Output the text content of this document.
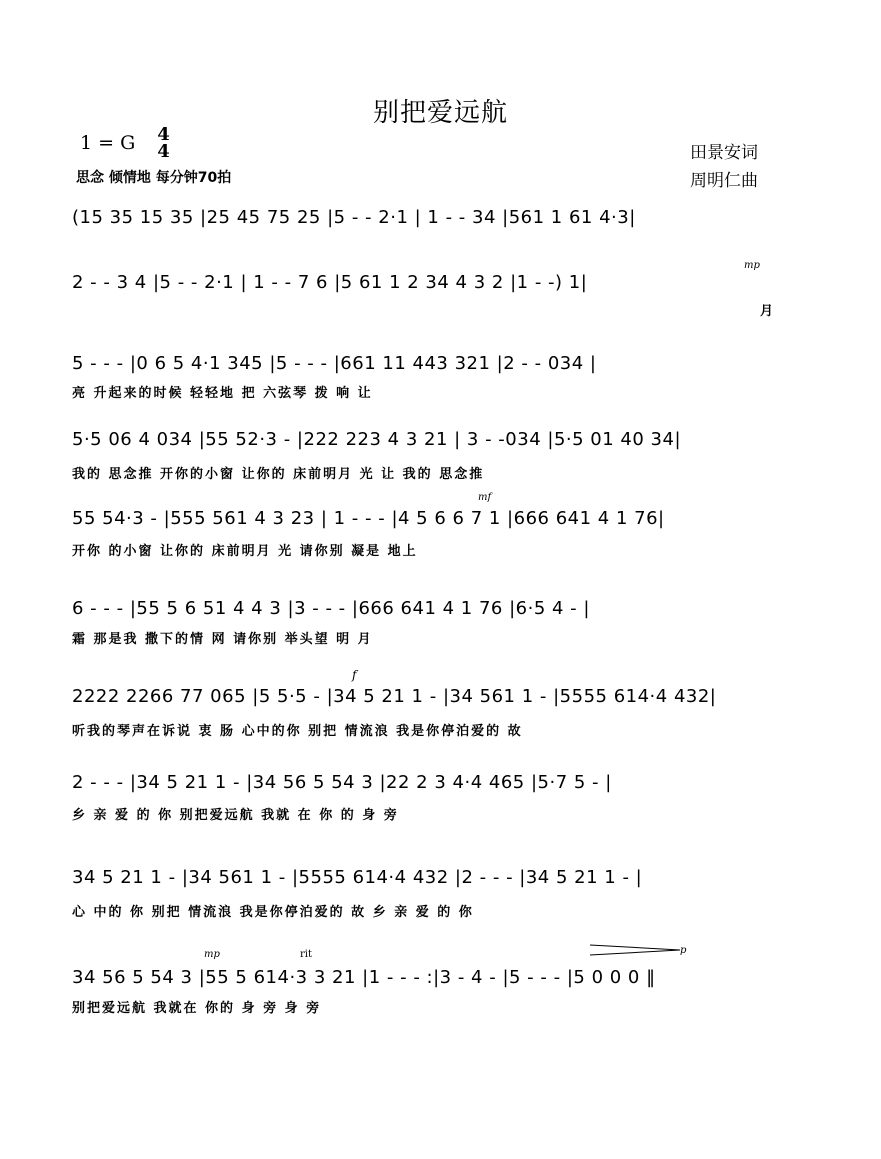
别把爱远航
1 = G 4
4
思念 倾情地 每分钟70拍
田景安词
周明仁曲
(15 35 15 35 |25 45 75 25 |5 - - 2·1 | 1 - - 34 |561 1 61 4·3|
2 - - 3 4 |5 - - 2·1 | 1 - - 7 6 |5 61 1 2 34 4 3 2 |1 - -) 1|
月
mp
5 - - - |0 6 5 4·1 345 |5 - - - |661 11 443 321 |2 - - 034 |
亮 升起来的时候 轻轻地 把 六弦琴 拨 响 让
5·5 06 4 034 |55 52·3 - |222 223 4 3 21 | 3 - -034 |5·5 01 40 34|
我的 思念推 开你的小窗 让你的 床前明月 光 让 我的 思念推
55 54·3 - |555 561 4 3 23 | 1 - - - |4 5 6 6 7 1 |666 641 4 1 76|
开你 的小窗 让你的 床前明月 光 请你别 凝是 地上
mf
6 - - - |55 5 6 51 4 4 3 |3 - - - |666 641 4 1 76 |6·5 4 - |
霜 那是我 撒下的情 网 请你别 举头望 明 月
2222 2266 77 065 |5 5·5 - |34 5 21 1 - |34 561 1 - |5555 614·4 432|
听我的琴声在诉说 衷 肠 心中的你 别把 情流浪 我是你停泊爱的 故
f
2 - - - |34 5 21 1 - |34 56 5 54 3 |22 2 3 4·4 465 |5·7 5 - |
乡 亲 爱 的 你 别把爱远航 我就 在 你 的 身 旁
34 5 21 1 - |34 561 1 - |5555 614·4 432 |2 - - - |34 5 21 1 - |
心 中的 你 别把 情流浪 我是你停泊爱的 故 乡 亲 爱 的 你
34 56 5 54 3 |55 5 614·3 3 21 |1 - - - :|3 - 4 - |5 - - - |5 0 0 0 ‖
别把爱远航 我就在 你的 身 旁 身 旁
mp	rit	p
